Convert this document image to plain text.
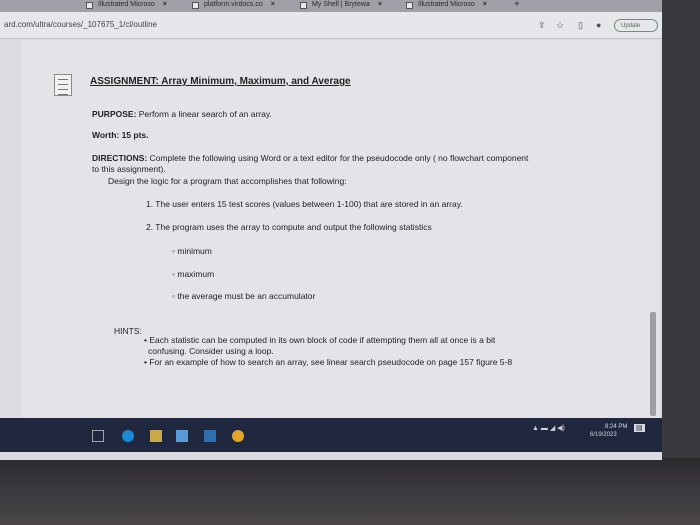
Illustrated Microso ×	platform.virdocs.co ×	My Shell | Brytewa ×	Illustrated Microso ×	+
ard.com/ultra/courses/_107675_1/cl/outline	⇪ ☆ ▯ ●	Update
ASSIGNMENT: Array Minimum, Maximum, and Average
PURPOSE: Perform a linear search of an array.
Worth: 15 pts.
DIRECTIONS: Complete the following using Word or a text editor for the pseudocode only ( no flowchart component
to this assignment).
Design the logic for a program that accomplishes that following:
1. The user enters 15 test scores (values between 1-100) that are stored in an array.
2. The program uses the array to compute and output the following statistics
◦ minimum
◦ maximum
◦ the average must be an accumulator
HINTS:
• Each statistic can be computed in its own block of code if attempting them all at once is a bit
confusing. Consider using a loop.
• For an example of how to search an array, see linear search pseudocode on page 157 figure 5-8
▲ ▬ ◢ ◀)	8:24 PM
6/19/2023
▤
